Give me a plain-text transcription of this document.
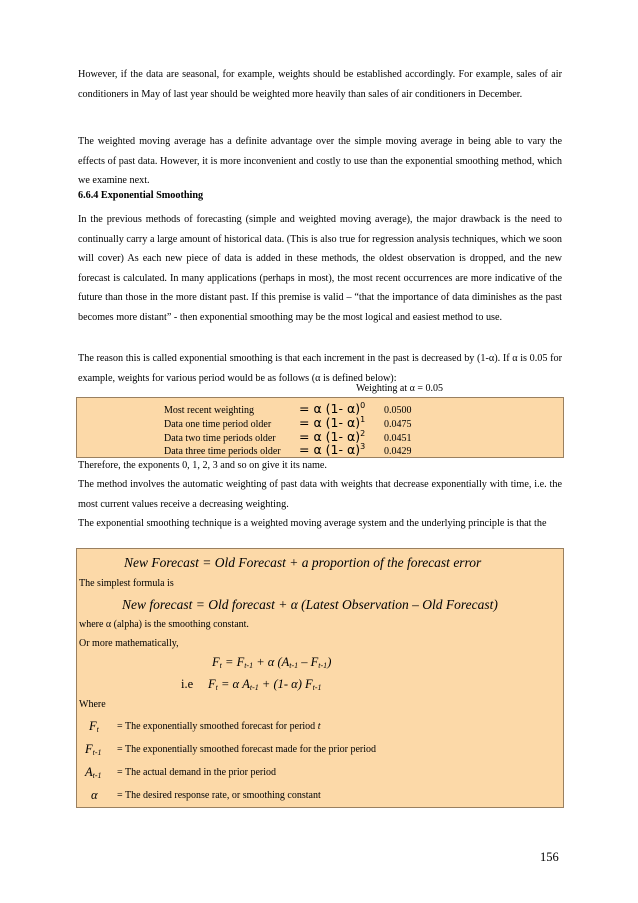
However, if the data are seasonal, for example, weights should be established accordingly. For example, sales of air conditioners in May of last year should be weighted more heavily than sales of air conditioners in December.

The weighted moving average has a definite advantage over the simple moving average in being able to vary the effects of past data. However, it is more inconvenient and costly to use than the exponential smoothing method, which we examine next.

6.6.4 Exponential Smoothing

In the previous methods of forecasting (simple and weighted moving average), the major drawback is the need to continually carry a large amount of historical data. (This is also true for regression analysis techniques, which we soon will cover) As each new piece of data is added in these methods, the oldest observation is dropped, and the new forecast is calculated. In many applications (perhaps in most), the most recent occurrences are more indicative of the future than those in the more distant past. If this premise is valid – “that the importance of data diminishes as the past becomes more distant” - then exponential smoothing may be the most logical and easiest method to use.

The reason this is called exponential smoothing is that each increment in the past is decreased by (1-α). If α is 0.05 for example, weights for various period would be as follows (α is defined below):

Weighting at α = 0.05
Most recent weighting	= α (1- α)$^0$ 0.0500
Data one time period older = α (1- α)$^1$ 0.0475
Data two time periods older = α (1- α)$^2$ 0.0451
Data three time periods older = α (1- α)$^3$ 0.0429

Therefore, the exponents 0, 1, 2, 3 and so on give it its name.

The method involves the automatic weighting of past data with weights that decrease exponentially with time, i.e. the most current values receive a decreasing weighting.

The exponential smoothing technique is a weighted moving average system and the underlying principle is that the

New Forecast = Old Forecast + a proportion of the forecast error
The simplest formula is
New forecast = Old forecast + α (Latest Observation – Old Forecast)
where α (alpha) is the smoothing constant.
Or more mathematically,
$F_t = F_{t-1} + \alpha$ $(A_{t-1} - F_{t-1})$
i.e $F_t = \alpha$ $A_{t-1} + (1-$ α) $F_{t-1}$
Where
$F_t$ = The exponentially smoothed forecast for period t
$F_{t-1}$ = The exponentially smoothed forecast made for the prior period
$A_{t-1}$ = The actual demand in the prior period
α = The desired response rate, or smoothing constant
156
